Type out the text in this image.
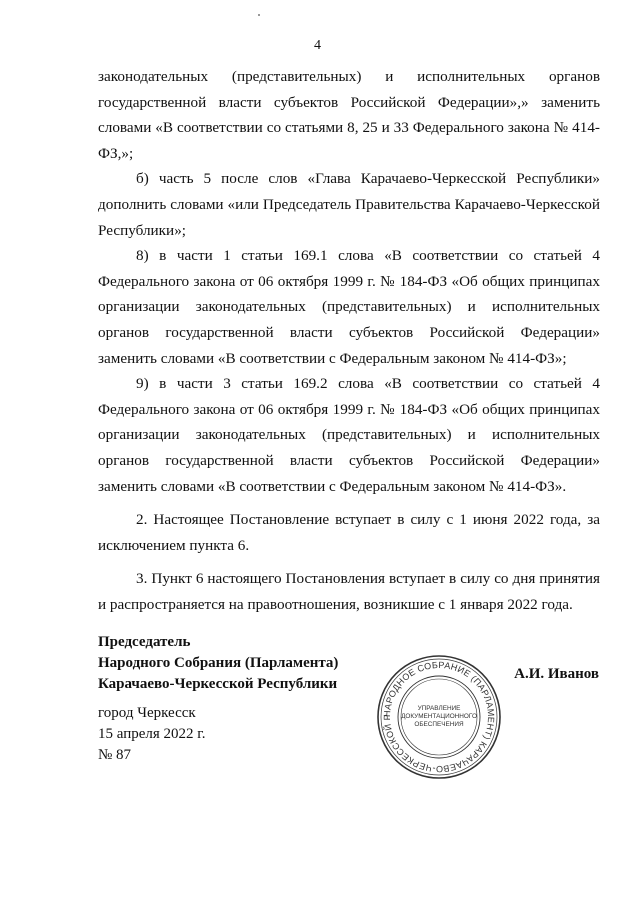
4

законодательных (представительных) и исполнительных органов государственной власти субъектов Российской Федерации»,» заменить словами «В соответствии со статьями 8, 25 и 33 Федерального закона № 414-ФЗ,»;

б) часть 5 после слов «Глава Карачаево-Черкесской Республики» дополнить словами «или Председатель Правительства Карачаево-Черкесской Республики»;

8) в части 1 статьи 169.1 слова «В соответствии со статьей 4 Федерального закона от 06 октября 1999 г. № 184-ФЗ «Об общих принципах организации законодательных (представительных) и исполнительных органов государственной власти субъектов Российской Федерации» заменить словами «В соответствии с Федеральным законом № 414-ФЗ»;

9) в части 3 статьи 169.2 слова «В соответствии со статьей 4 Федерального закона от 06 октября 1999 г. № 184-ФЗ «Об общих принципах организации законодательных (представительных) и исполнительных органов государственной власти субъектов Российской Федерации» заменить словами «В соответствии с Федеральным законом № 414-ФЗ».

2. Настоящее Постановление вступает в силу с 1 июня 2022 года, за исключением пункта 6.

3. Пункт 6 настоящего Постановления вступает в силу со дня принятия и распространяется на правоотношения, возникшие с 1 января 2022 года.

Председатель
Народного Собрания (Парламента)
Карачаево-Черкесской Республики
А.И. Иванов
НАРОДНОЕ СОБРАНИЕ (ПАРЛАМЕНТ) КАРАЧАЕВО-ЧЕРКЕССКОЙ Р
УПРАВЛЕНИЕ
ДОКУМЕНТАЦИОННОГО
ОБЕСПЕЧЕНИЯ
город Черкесск
15 апреля 2022 г.
№ 87
